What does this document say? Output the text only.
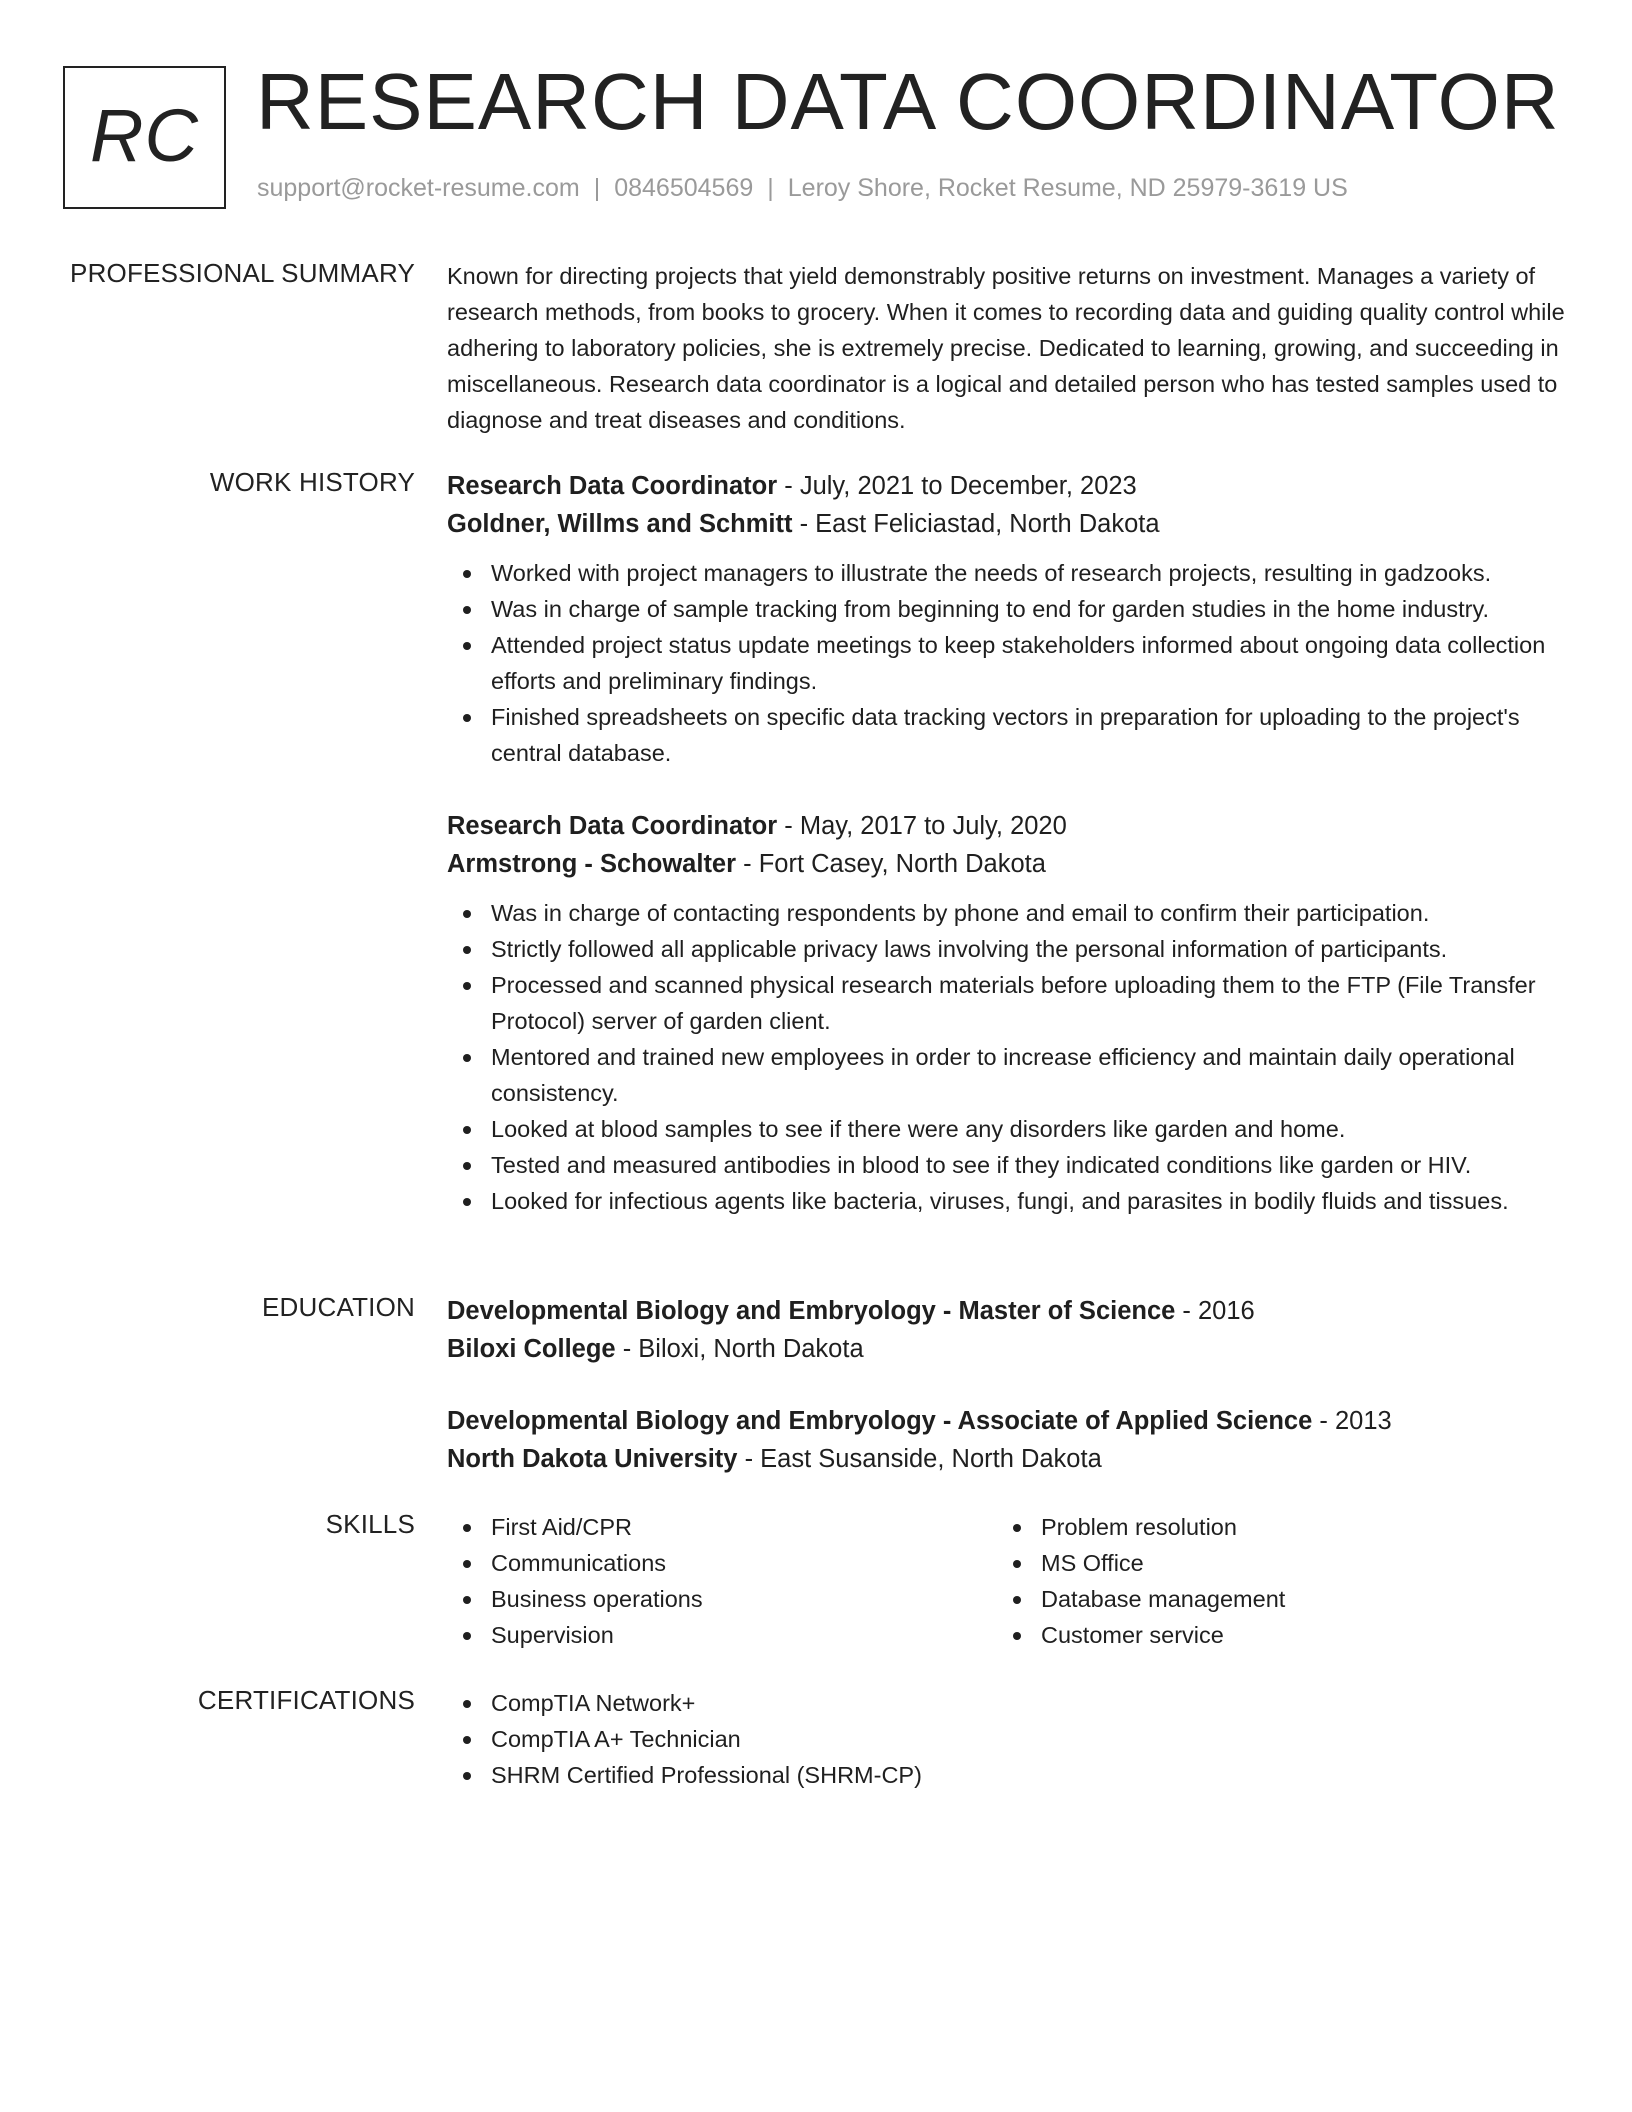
RC RESEARCH DATA COORDINATOR
support@rocket-resume.com | 0846504569 | Leroy Shore, Rocket Resume, ND 25979-3619 US
PROFESSIONAL SUMMARY Known for directing projects that yield demonstrably positive returns on investment. Manages a variety of research methods, from books to grocery. When it comes to recording data and guiding quality control while adhering to laboratory policies, she is extremely precise. Dedicated to learning, growing, and succeeding in miscellaneous. Research data coordinator is a logical and detailed person who has tested samples used to diagnose and treat diseases and conditions.
WORK HISTORY Research Data Coordinator - July, 2021 to December, 2023
Goldner, Willms and Schmitt - East Feliciastad, North Dakota
Worked with project managers to illustrate the needs of research projects, resulting in gadzooks.
Was in charge of sample tracking from beginning to end for garden studies in the home industry.
Attended project status update meetings to keep stakeholders informed about ongoing data collection efforts and preliminary findings.
Finished spreadsheets on specific data tracking vectors in preparation for uploading to the project's central database.
Research Data Coordinator - May, 2017 to July, 2020
Armstrong - Schowalter - Fort Casey, North Dakota
Was in charge of contacting respondents by phone and email to confirm their participation.
Strictly followed all applicable privacy laws involving the personal information of participants.
Processed and scanned physical research materials before uploading them to the FTP (File Transfer Protocol) server of garden client.
Mentored and trained new employees in order to increase efficiency and maintain daily operational consistency.
Looked at blood samples to see if there were any disorders like garden and home.
Tested and measured antibodies in blood to see if they indicated conditions like garden or HIV.
Looked for infectious agents like bacteria, viruses, fungi, and parasites in bodily fluids and tissues.
EDUCATION Developmental Biology and Embryology - Master of Science - 2016
Biloxi College - Biloxi, North Dakota
Developmental Biology and Embryology - Associate of Applied Science - 2013
North Dakota University - East Susanside, North Dakota
SKILLS	First Aid/CPR
Communications
Business operations
Supervision
Problem resolution
MS Office
Database management
Customer service
CERTIFICATIONS	CompTIA Network+
CompTIA A+ Technician
SHRM Certified Professional (SHRM-CP)
